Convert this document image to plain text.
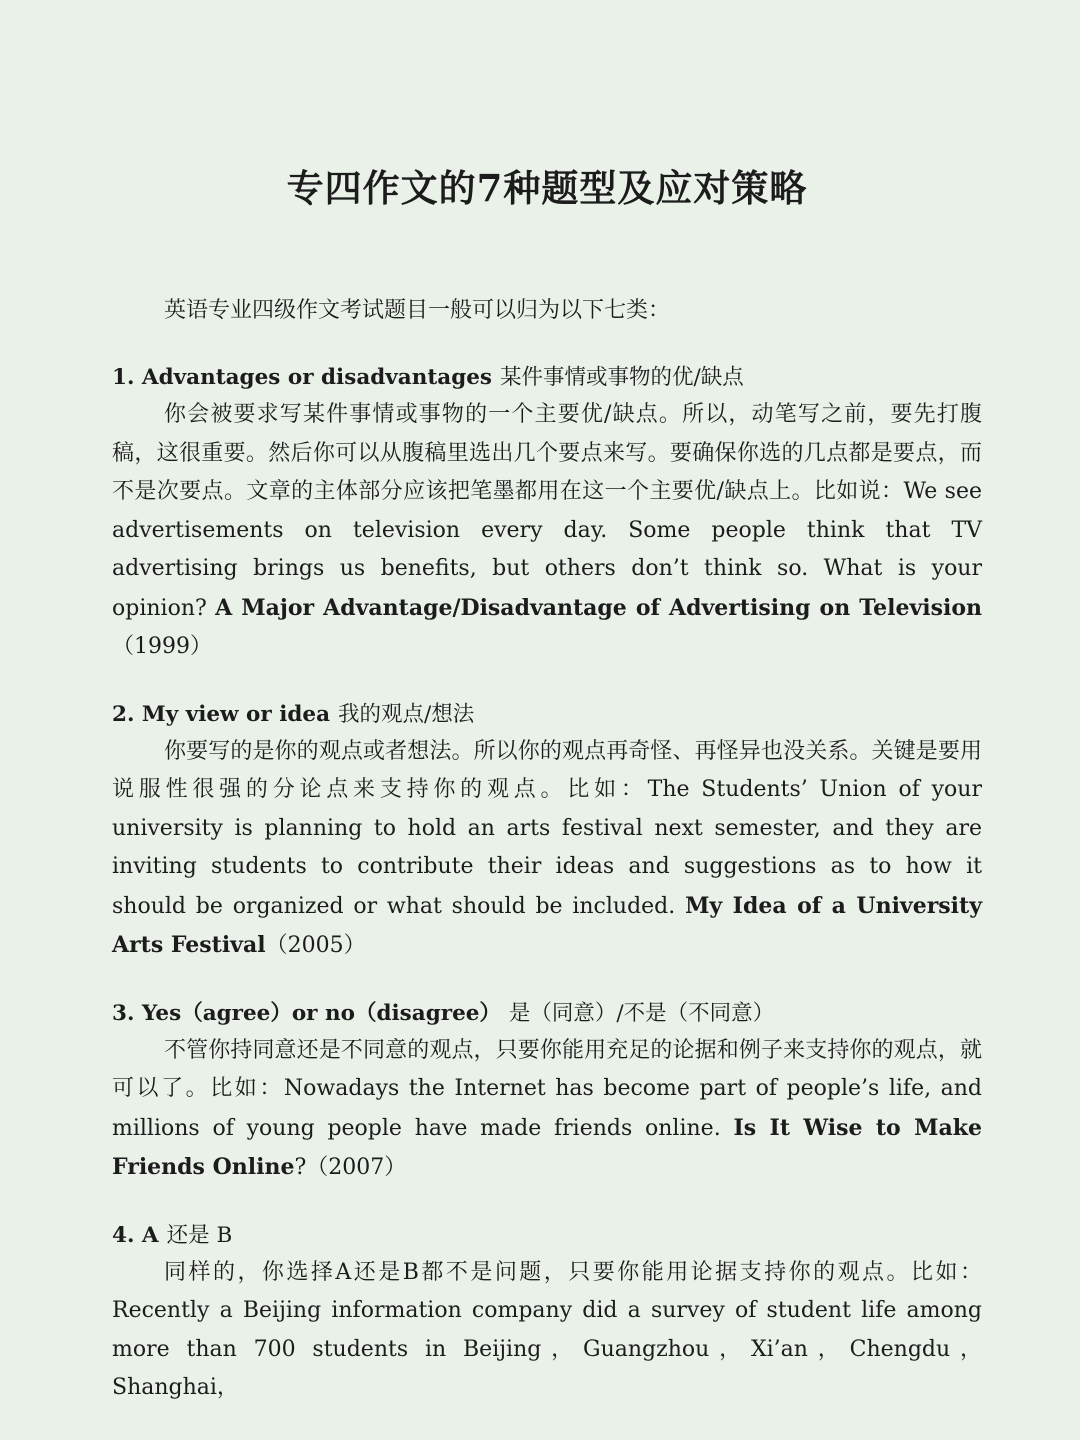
专四作文的7种题型及应对策略

英语专业四级作文考试题目一般可以归为以下七类：

1. Advantages or disadvantages 某件事情或事物的优/缺点

你会被要求写某件事情或事物的一个主要优/缺点。所以，动笔写之前，要先打腹稿，这很重要。然后你可以从腹稿里选出几个要点来写。要确保你选的几点都是要点，而不是次要点。文章的主体部分应该把笔墨都用在这一个主要优/缺点上。比如说：We see advertisements on television every day. Some people think that TV advertising brings us benefits, but others don’t think so. What is your opinion? A Major Advantage/Disadvantage of Advertising on Television（1999）

2. My view or idea 我的观点/想法

你要写的是你的观点或者想法。所以你的观点再奇怪、再怪异也没关系。关键是要用说服性很强的分论点来支持你的观点。比如：The Students’ Union of your university is planning to hold an arts festival next semester, and they are inviting students to contribute their ideas and suggestions as to how it should be organized or what should be included. My Idea of a University Arts Festival（2005）

3. Yes（agree）or no（disagree） 是（同意）/不是（不同意）

不管你持同意还是不同意的观点，只要你能用充足的论据和例子来支持你的观点，就可以了。比如：Nowadays the Internet has become part of people’s life, and millions of young people have made friends online. Is It Wise to Make Friends Online?（2007）

4. A 还是 B

同样的，你选择A还是B都不是问题，只要你能用论据支持你的观点。比如：Recently a Beijing information company did a survey of student life among more than 700 students in Beijing，Guangzhou，Xi’an，Chengdu，Shanghai，
